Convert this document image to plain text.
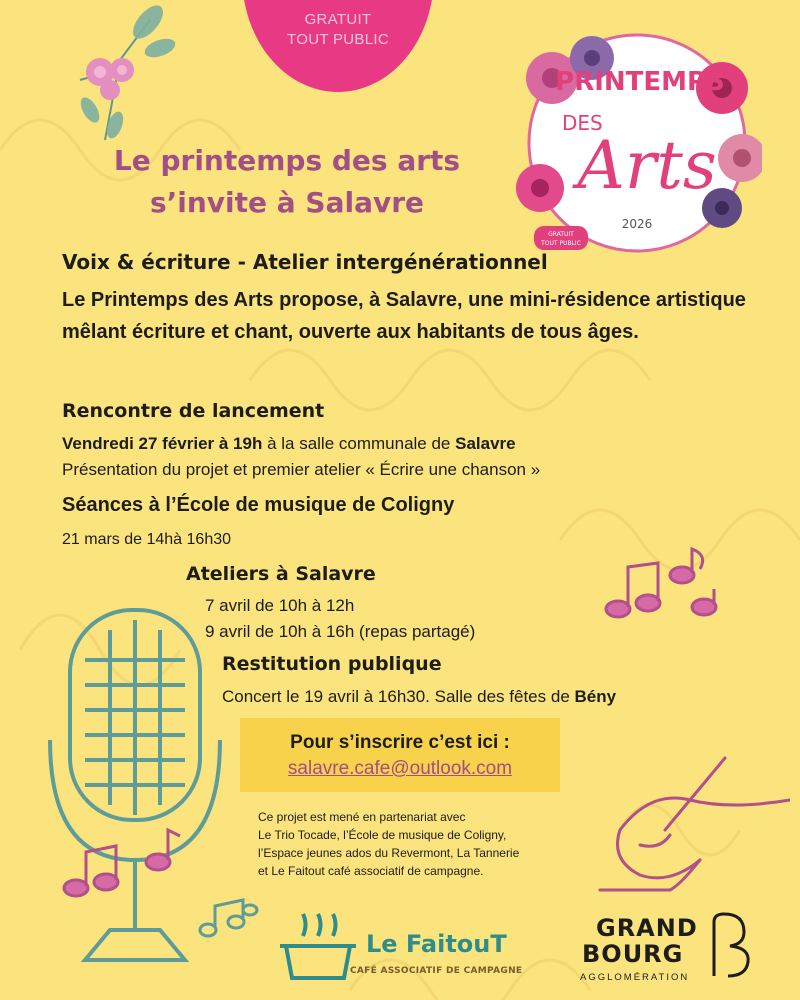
GRATUIT
TOUT PUBLIC
PRINTEMPS
DES
Arts
2026
GRATUIT
TOUT PUBLIC
Le printemps des arts
s’invite à Salavre
Voix & écriture - Atelier intergénérationnel
Le Printemps des Arts propose, à Salavre, une mini-résidence artistique mêlant écriture et chant, ouverte aux habitants de tous âges.
Rencontre de lancement
Vendredi 27 février à 19h à la salle communale de Salavre
Présentation du projet et premier atelier « Écrire une chanson »
Séances à l’École de musique de Coligny
21 mars de 14hà 16h30
Ateliers à Salavre
7 avril de 10h à 12h
9 avril de 10h à 16h (repas partagé)
Restitution publique
Concert le 19 avril à 16h30. Salle des fêtes de Bény
Pour s’inscrire c’est ici :
salavre.cafe@outlook.com
Ce projet est mené en partenariat avec
Le Trio Tocade, l’École de musique de Coligny,
l’Espace jeunes ados du Revermont, La Tannerie
et Le Faitout café associatif de campagne.
Le FaitouT
CAFÉ ASSOCIATIF DE CAMPAGNE
GRAND
BOURG
AGGLOMÉRATION
